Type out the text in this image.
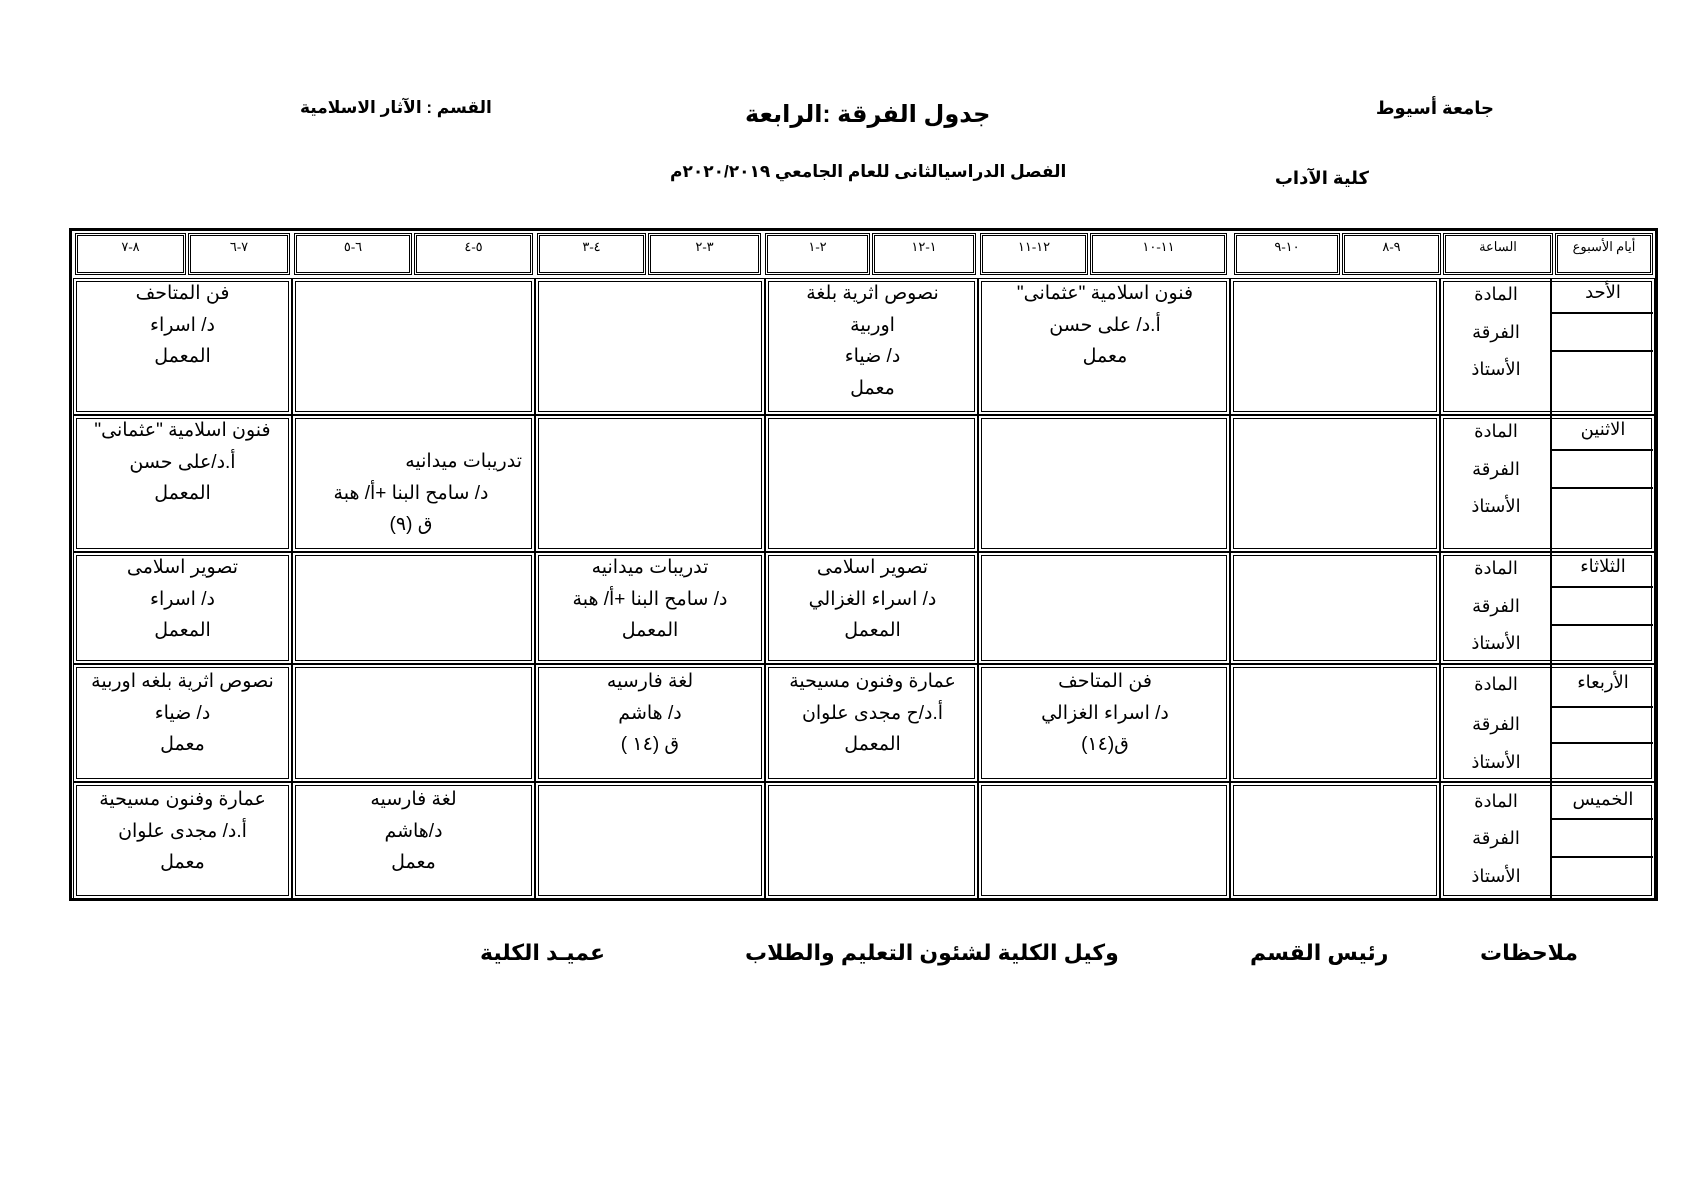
جامعة أسيوط
جدول الفرقة :الرابعة
القسم : الآثار الاسلامية
كلية الآداب
الفصل الدراسيالثانى للعام الجامعي ٢٠٢٠/٢٠١٩م
أيام الأسبوع
الساعة
٩-٨
١٠-٩
١١-١٠
١٢-١١
١-١٢
٢-١
٣-٢
٤-٣
٥-٤
٦-٥
٧-٦
٨-٧
الأحد
الاثنين
الثلاثاء
الأربعاء
الخميس
المادة
الفرقة
الأستاذ
المادة
الفرقة
الأستاذ
المادة
الفرقة
الأستاذ
المادة
الفرقة
الأستاذ
المادة
الفرقة
الأستاذ
فنون اسلامية "عثمانى"
أ.د/ على حسن
معمل
نصوص اثرية بلغة
اوربية
د/ ضياء
معمل
فن المتاحف
د/ اسراء
المعمل
تدريبات ميدانيه
د/ سامح البنا +أ/ هبة
ق (٩)
فنون اسلامية "عثمانى"
أ.د/على حسن
المعمل
تصوير اسلامى
د/ اسراء الغزالي
المعمل
تدريبات ميدانيه
د/ سامح البنا +أ/ هبة
المعمل
تصوير اسلامى
د/ اسراء
المعمل
فن المتاحف
د/ اسراء الغزالي
ق(١٤)
عمارة وفنون مسيحية
أ.د/ح مجدى علوان
المعمل
لغة فارسيه
د/ هاشم
ق (١٤ )
نصوص اثرية بلغه اوربية
د/ ضياء
معمل
لغة فارسيه
د/هاشم
معمل
عمارة وفنون مسيحية
أ.د/ مجدى علوان
معمل
ملاحظات
رئيس القسم
وكيل الكلية لشئون التعليم والطلاب
عميـد الكلية
